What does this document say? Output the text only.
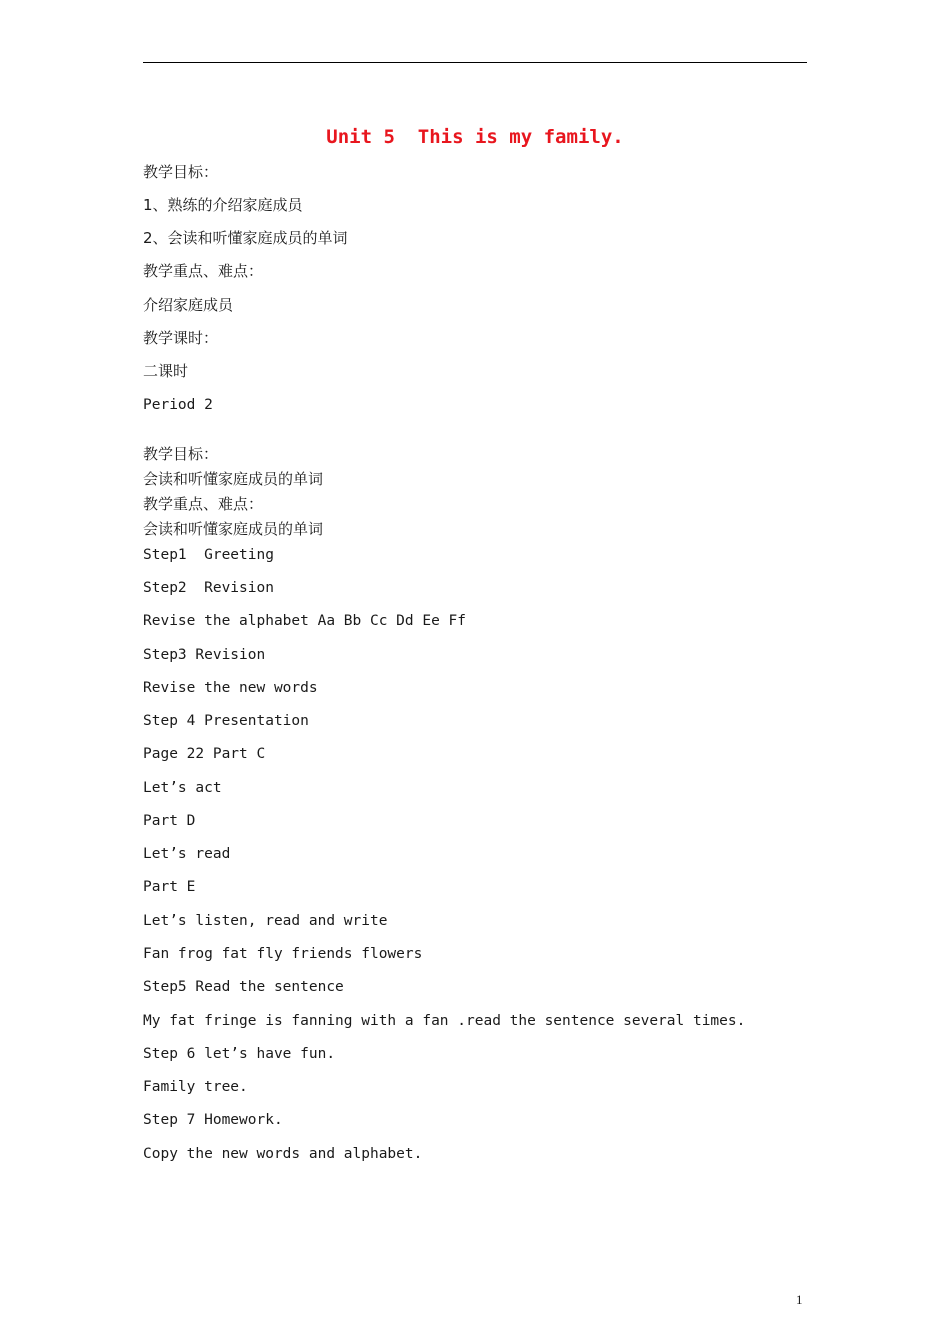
Unit 5  This is my family.
教学目标：
1、熟练的介绍家庭成员
2、会读和听懂家庭成员的单词
教学重点、难点：
介绍家庭成员
教学课时：
二课时
Period 2
教学目标：
会读和听懂家庭成员的单词
教学重点、难点：
会读和听懂家庭成员的单词
Step1  Greeting
Step2  Revision
Revise the alphabet Aa Bb Cc Dd Ee Ff
Step3 Revision
Revise the new words
Step 4 Presentation
Page 22 Part C
Let’s act
Part D
Let’s read
Part E
Let’s listen, read and write
Fan frog fat fly friends flowers
Step5 Read the sentence
My fat fringe is fanning with a fan .read the sentence several times.
Step 6 let’s have fun.
Family tree.
Step 7 Homework.
Copy the new words and alphabet.
1
